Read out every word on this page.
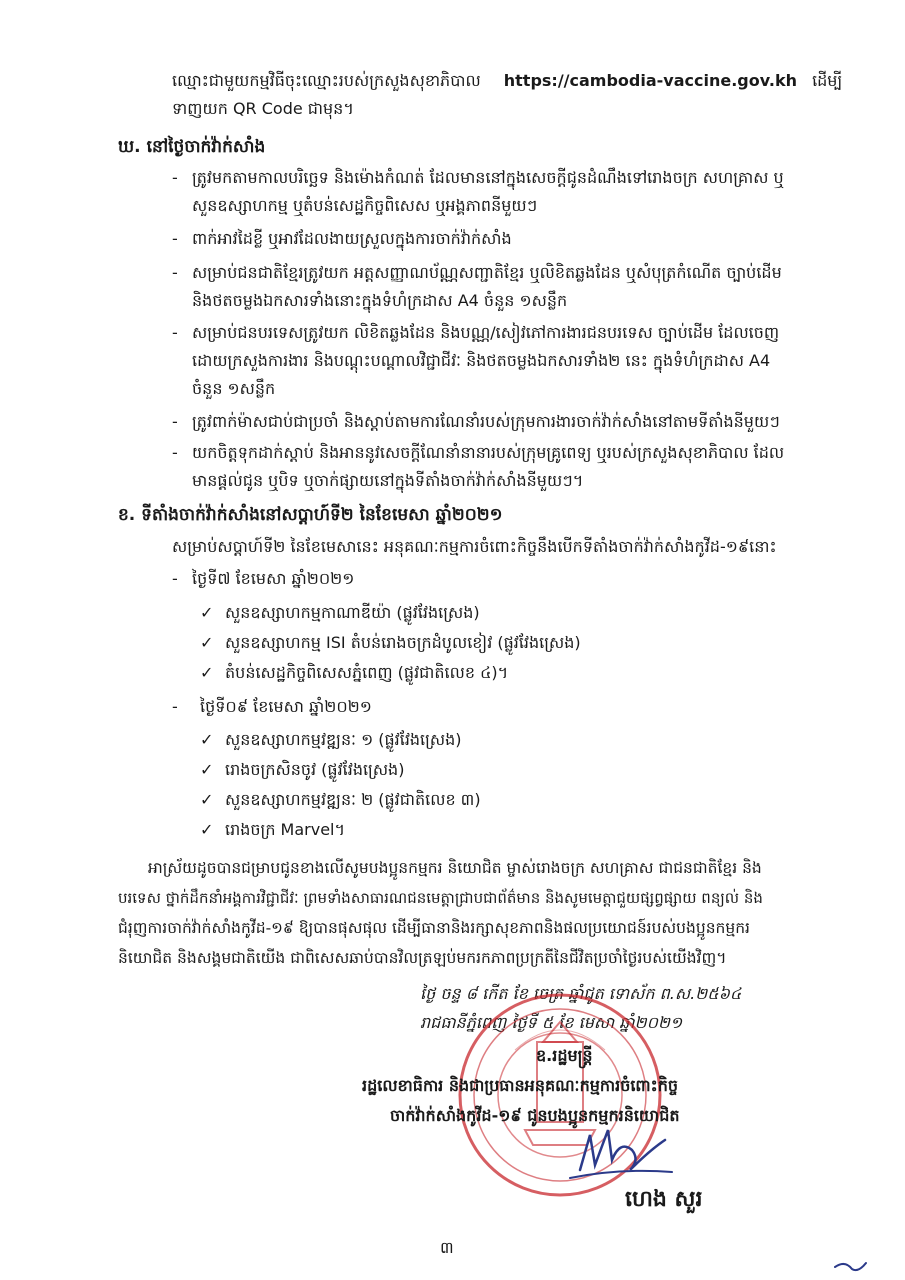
ឈ្មោះជាមួយកម្មវិធីចុះឈ្មោះរបស់ក្រសួងសុខាភិបាល https://cambodia-vaccine.gov.kh ដើម្បី
ទាញយក QR Code ជាមុន។
ឃ. នៅថ្ងៃចាក់វ៉ាក់សាំង
- ត្រូវមកតាមកាលបរិច្ឆេទ និងម៉ោងកំណត់ ដែលមាននៅក្នុងសេចក្ដីជូនដំណឹងទៅរោងចក្រ សហគ្រាស ឬ
សួនឧស្សាហកម្ម ឬតំបន់សេដ្ឋកិច្ចពិសេស ឬអង្គភាពនីមួយៗ
- ពាក់អាវដៃខ្លី ឬអាវដែលងាយស្រួលក្នុងការចាក់វ៉ាក់សាំង
- សម្រាប់ជនជាតិខ្មែរត្រូវយក អត្តសញ្ញាណប័ណ្ណសញ្ជាតិខ្មែរ ឬលិខិតឆ្លងដែន ឬសំបុត្រកំណើត ច្បាប់ដើម
និងថតចម្លងឯកសារទាំងនោះក្នុងទំហំក្រដាស A4 ចំនួន ១សន្លឹក
- សម្រាប់ជនបរទេសត្រូវយក លិខិតឆ្លងដែន និងបណ្ណ/សៀវភៅការងារជនបរទេស ច្បាប់ដើម ដែលចេញ
ដោយក្រសួងការងារ និងបណ្ដុះបណ្ដាលវិជ្ជាជីវៈ និងថតចម្លងឯកសារទាំង២ នេះ ក្នុងទំហំក្រដាស A4
ចំនួន ១សន្លឹក
- ត្រូវពាក់ម៉ាសជាប់ជាប្រចាំ និងស្ដាប់តាមការណែនាំរបស់ក្រុមការងារចាក់វ៉ាក់សាំងនៅតាមទីតាំងនីមួយៗ
- យកចិត្តទុកដាក់ស្ដាប់ និងអាននូវសេចក្ដីណែនាំនានារបស់ក្រុមគ្រូពេទ្យ ឬរបស់ក្រសួងសុខាភិបាល ដែល
មានផ្ដល់ជូន ឬបិទ ឬចាក់ផ្សាយនៅក្នុងទីតាំងចាក់វ៉ាក់សាំងនីមួយៗ។
ខ. ទីតាំងចាក់វ៉ាក់សាំងនៅសប្ដាហ៍ទី២ នៃខែមេសា ឆ្នាំ២០២១
សម្រាប់សប្ដាហ៍ទី២ នៃខែមេសានេះ អនុគណៈកម្មការចំពោះកិច្ចនឹងបើកទីតាំងចាក់វ៉ាក់សាំងកូវីដ-១៩នោះ
- ថ្ងៃទី៧ ខែមេសា ឆ្នាំ២០២១
✓ សួនឧស្សាហកម្មកាណាឌីយ៉ា (ផ្លូវវែងស្រេង)
✓ សួនឧស្សាហកម្ម ISI តំបន់រោងចក្រដំបូលខៀវ (ផ្លូវវែងស្រេង)
✓ តំបន់សេដ្ឋកិច្ចពិសេសភ្នំពេញ (ផ្លូវជាតិលេខ ៤)។
- ថ្ងៃទី០៩ ខែមេសា ឆ្នាំ២០២១
✓ សួនឧស្សាហកម្មវឌ្ឍនៈ ១ (ផ្លូវវែងស្រេង)
✓ រោងចក្រសិនចូវ (ផ្លូវវែងស្រេង)
✓ សួនឧស្សាហកម្មវឌ្ឍនៈ ២ (ផ្លូវជាតិលេខ ៣)
✓ រោងចក្រ Marvel។
អាស្រ័យដូចបានជម្រាបជូនខាងលើសូមបងប្អូនកម្មករ និយោជិត ម្ចាស់រោងចក្រ សហគ្រាស ជាជនជាតិខ្មែរ និង
បរទេស ថ្នាក់ដឹកនាំអង្គការវិជ្ជាជីវៈ ព្រមទាំងសាធារណជនមេត្តាជ្រាបជាព័ត៌មាន និងសូមមេត្តាជួយផ្សព្វផ្សាយ ពន្យល់ និង
ជំរុញការចាក់វ៉ាក់សាំងកូវីដ-១៩ ឱ្យបានផុសផុល ដើម្បីធានានិងរក្សាសុខភាពនិងផលប្រយោជន៍របស់បងប្អូនកម្មករ
និយោជិត និងសង្គមជាតិយើង ជាពិសេសឆាប់បានវិលត្រឡប់មករកភាពប្រក្រតីនៃជីវិតប្រចាំថ្ងៃរបស់យើងវិញ។
ថ្ងៃ ចន្ទ ៨ កើត ខែ ចេត្រ ឆ្នាំជូត ទោស័ក ព.ស.២៥៦៤
រាជធានីភ្នំពេញ ថ្ងៃទី ៥ ខែ មេសា ឆ្នាំ២០២១
ឧ.រដ្ឋមន្ត្រី
រដ្ឋលេខាធិការ និងជាប្រធានអនុគណៈកម្មការចំពោះកិច្ច
ចាក់វ៉ាក់សាំងកូវីដ-១៩ ជូនបងប្អូនកម្មករនិយោជិត
ហេង សួរ
៣
